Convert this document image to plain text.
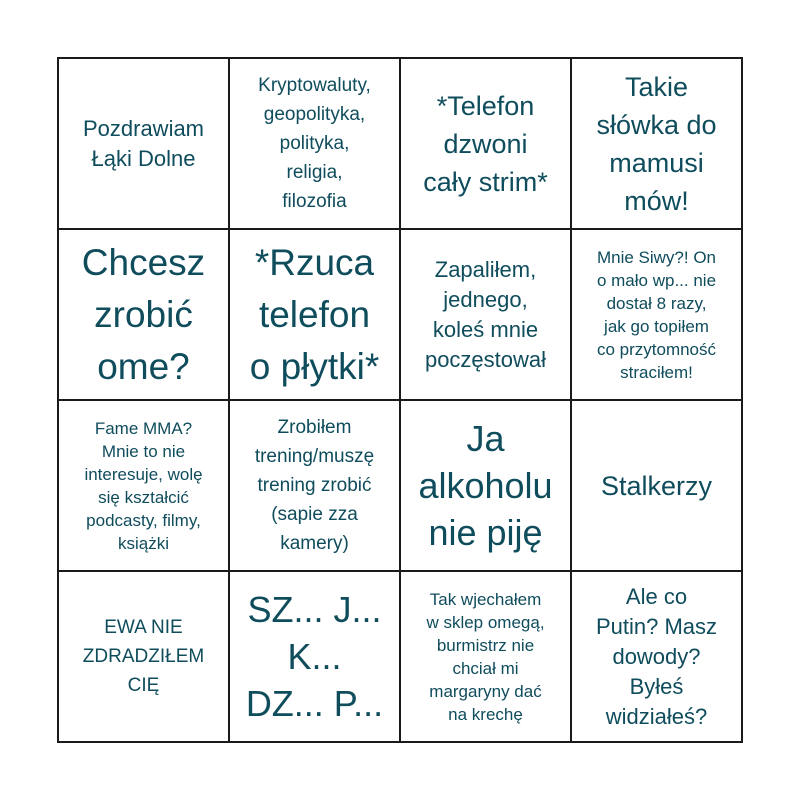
Pozdrawiam
Łąki Dolne
Kryptowaluty,
geopolityka,
polityka,
religia,
filozofia
*Telefon
dzwoni
cały strim*
Takie
słówka do
mamusi
mów!
Chcesz
zrobić
ome?
*Rzuca
telefon
o płytki*
Zapaliłem,
jednego,
koleś mnie
poczęstował
Mnie Siwy?! On
o mało wp... nie
dostał 8 razy,
jak go topiłem
co przytomność
straciłem!
Fame MMA?
Mnie to nie
interesuje, wolę
się kształcić
podcasty, filmy,
książki
Zrobiłem
trening/muszę
trening zrobić
(sapie zza
kamery)
Ja
alkoholu
nie piję
Stalkerzy
EWA NIE
ZDRADZIŁEM
CIĘ
SZ... J...
K...
DZ... P...
Tak wjechałem
w sklep omegą,
burmistrz nie
chciał mi
margaryny dać
na krechę
Ale co
Putin? Masz
dowody?
Byłeś
widziałeś?
